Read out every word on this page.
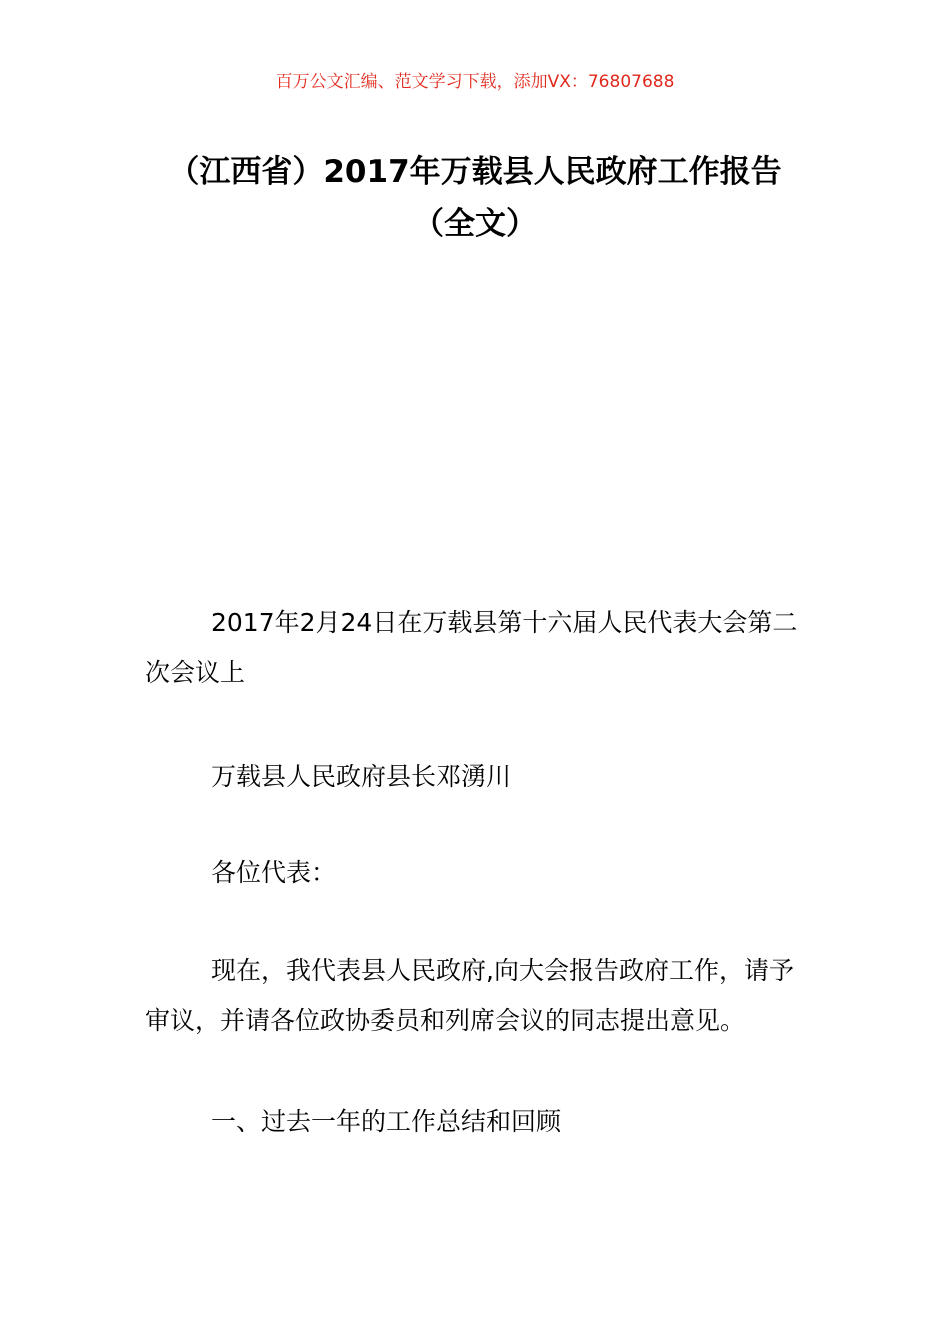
百万公文汇编、范文学习下载，添加VX：76807688
（江西省）2017年万载县人民政府工作报告（全文）
2017年2月24日在万载县第十六届人民代表大会第二次会议上
万载县人民政府县长邓湧川
各位代表：
现在，我代表县人民政府,向大会报告政府工作，请予审议，并请各位政协委员和列席会议的同志提出意见。
一、过去一年的工作总结和回顾
